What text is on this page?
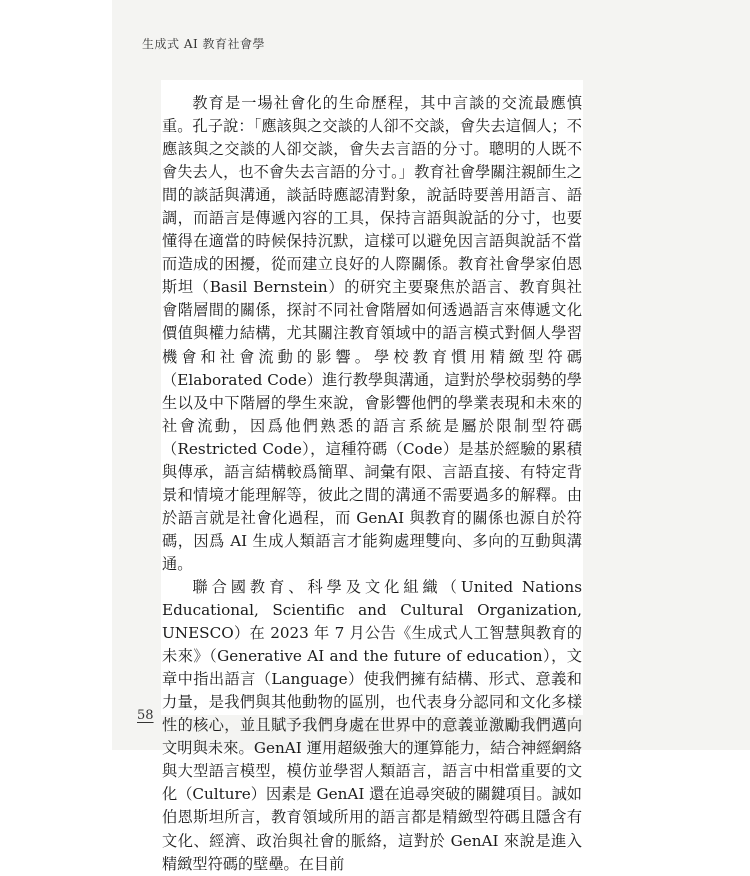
生成式 AI 教育社會學

教育是一場社會化的生命歷程，其中言談的交流最應慎重。孔子說：「應該與之交談的人卻不交談，會失去這個人；不應該與之交談的人卻交談，會失去言語的分寸。聰明的人既不會失去人，也不會失去言語的分寸。」教育社會學關注親師生之間的談話與溝通，談話時應認清對象，說話時要善用語言、語調，而語言是傳遞內容的工具，保持言語與說話的分寸，也要懂得在適當的時候保持沉默，這樣可以避免因言語與說話不當而造成的困擾，從而建立良好的人際關係。教育社會學家伯恩斯坦（Basil Bernstein）的研究主要聚焦於語言、教育與社會階層間的關係，探討不同社會階層如何透過語言來傳遞文化價值與權力結構，尤其關注教育領域中的語言模式對個人學習機會和社會流動的影響。學校教育慣用精緻型符碼（Elaborated Code）進行教學與溝通，這對於學校弱勢的學生以及中下階層的學生來說，會影響他們的學業表現和未來的社會流動，因爲他們熟悉的語言系統是屬於限制型符碼（Restricted Code），這種符碼（Code）是基於經驗的累積與傳承，語言結構較爲簡單、詞彙有限、言語直接、有特定背景和情境才能理解等，彼此之間的溝通不需要過多的解釋。由於語言就是社會化過程，而 GenAI 與教育的關係也源自於符碼，因爲 AI 生成人類語言才能夠處理雙向、多向的互動與溝通。

聯合國教育、科學及文化組織（United Nations Educational, Scientific and Cultural Organization, UNESCO）在 2023 年 7 月公告《生成式人工智慧與教育的未來》（Generative AI and the future of education），文章中指出語言（Language）使我們擁有結構、形式、意義和力量，是我們與其他動物的區別，也代表身分認同和文化多樣性的核心，並且賦予我們身處在世界中的意義並激勵我們邁向文明與未來。GenAI 運用超級強大的運算能力，結合神經網絡與大型語言模型，模仿並學習人類語言，語言中相當重要的文化（Culture）因素是 GenAI 還在追尋突破的關鍵項目。誠如伯恩斯坦所言，教育領域所用的語言都是精緻型符碼且隱含有文化、經濟、政治與社會的脈絡，這對於 GenAI 來說是進入精緻型符碼的壁壘。在目前

58
